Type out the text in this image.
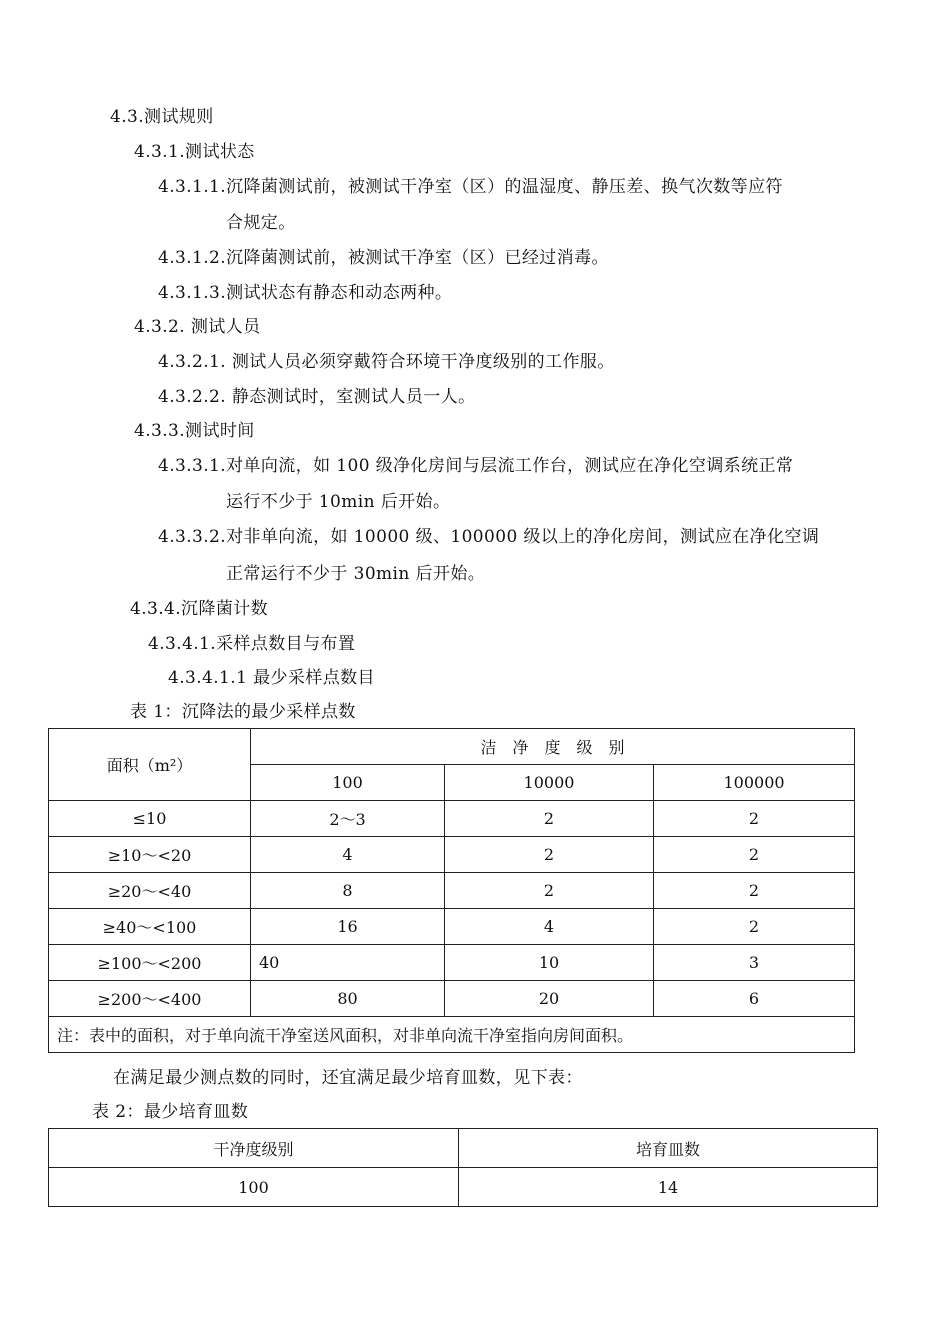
4.3.测试规则
4.3.1.测试状态
4.3.1.1.沉降菌测试前，被测试干净室（区）的温湿度、静压差、换气次数等应符
合规定。
4.3.1.2.沉降菌测试前，被测试干净室（区）已经过消毒。
4.3.1.3.测试状态有静态和动态两种。
4.3.2. 测试人员
4.3.2.1. 测试人员必须穿戴符合环境干净度级别的工作服。
4.3.2.2. 静态测试时，室测试人员一人。
4.3.3.测试时间
4.3.3.1.对单向流，如 100 级净化房间与层流工作台，测试应在净化空调系统正常
运行不少于 10min 后开始。
4.3.3.2.对非单向流，如 10000 级、100000 级以上的净化房间，测试应在净化空调
正常运行不少于 30min 后开始。
4.3.4.沉降菌计数
4.3.4.1.采样点数目与布置
4.3.4.1.1 最少采样点数目
表 1：沉降法的最少采样点数
面积（m²）	洁　净　度　级　别		
	100	10000	100000
≤10	2～3	2	2
≥10～<20	4	2	2
≥20～<40	8	2	2
≥40～<100	16	4	2
≥100～<200	40	10	3
≥200～<400	80	20	6
注：表中的面积，对于单向流干净室送风面积，对非单向流干净室指向房间面积。			
在满足最少测点数的同时，还宜满足最少培育皿数，见下表：
表 2：最少培育皿数
干净度级别	培育皿数
100	14
